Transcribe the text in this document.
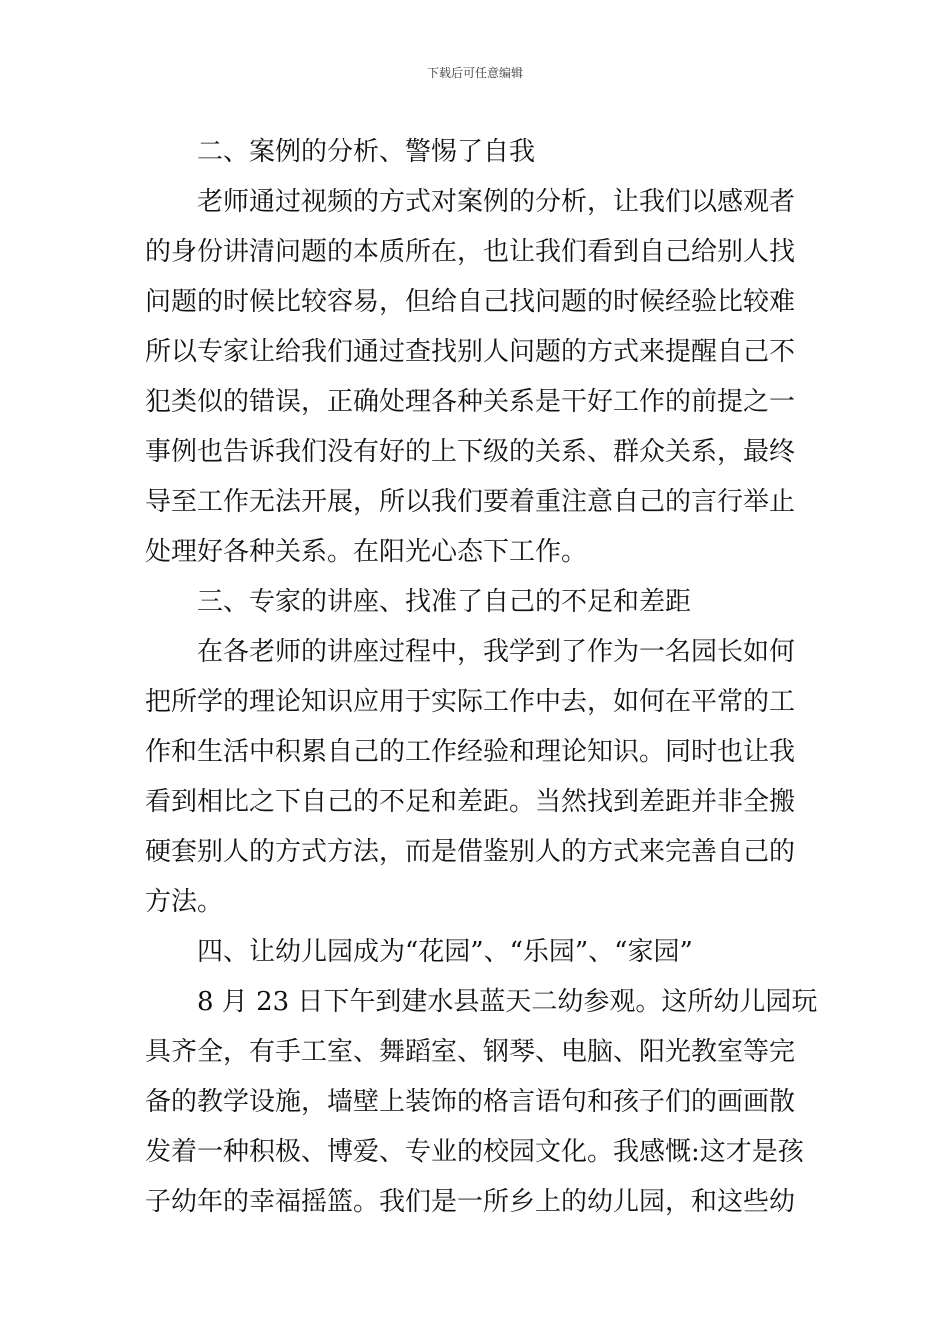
下载后可任意编辑
二、案例的分析、警惕了自我
老师通过视频的方式对案例的分析，让我们以感观者
的身份讲清问题的本质所在，也让我们看到自己给别人找
问题的时候比较容易，但给自己找问题的时候经验比较难
所以专家让给我们通过查找别人问题的方式来提醒自己不
犯类似的错误，正确处理各种关系是干好工作的前提之一
事例也告诉我们没有好的上下级的关系、群众关系，最终
导至工作无法开展，所以我们要着重注意自己的言行举止
处理好各种关系。在阳光心态下工作。
三、专家的讲座、找准了自己的不足和差距
在各老师的讲座过程中，我学到了作为一名园长如何
把所学的理论知识应用于实际工作中去，如何在平常的工
作和生活中积累自己的工作经验和理论知识。同时也让我
看到相比之下自己的不足和差距。当然找到差距并非全搬
硬套别人的方式方法，而是借鉴别人的方式来完善自己的
方法。
四、让幼儿园成为“花园”、“乐园”、“家园”
8 月 23 日下午到建水县蓝天二幼参观。这所幼儿园玩
具齐全，有手工室、舞蹈室、钢琴、电脑、阳光教室等完
备的教学设施，墙壁上装饰的格言语句和孩子们的画画散
发着一种积极、博爱、专业的校园文化。我感慨:这才是孩
子幼年的幸福摇篮。我们是一所乡上的幼儿园，和这些幼
